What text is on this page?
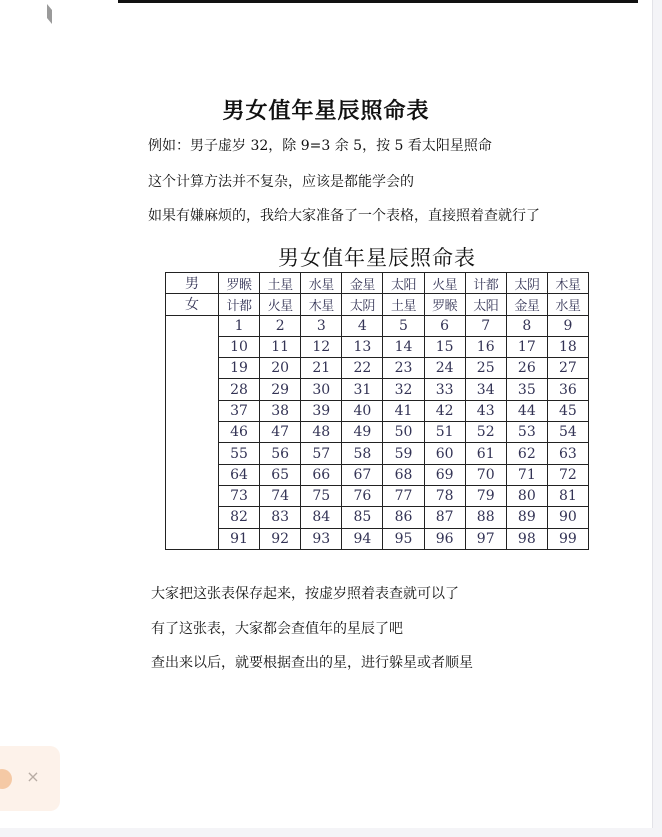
男女值年星辰照命表
例如：男子虚岁 32，除 9=3 余 5，按 5 看太阳星照命
这个计算方法并不复杂，应该是都能学会的
如果有嫌麻烦的，我给大家准备了一个表格，直接照着查就行了
男女值年星辰照命表
男	罗睺	土星	水星	金星	太阳	火星	计都	太阴	木星
女	计都	火星	木星	太阴	土星	罗睺	太阳	金星	水星
	1	2	3	4	5	6	7	8	9
	10	11	12	13	14	15	16	17	18
	19	20	21	22	23	24	25	26	27
	28	29	30	31	32	33	34	35	36
	37	38	39	40	41	42	43	44	45
	46	47	48	49	50	51	52	53	54
	55	56	57	58	59	60	61	62	63
	64	65	66	67	68	69	70	71	72
	73	74	75	76	77	78	79	80	81
	82	83	84	85	86	87	88	89	90
	91	92	93	94	95	96	97	98	99
大家把这张表保存起来，按虚岁照着表查就可以了
有了这张表，大家都会查值年的星辰了吧
查出来以后，就要根据查出的星，进行躲星或者顺星
×
